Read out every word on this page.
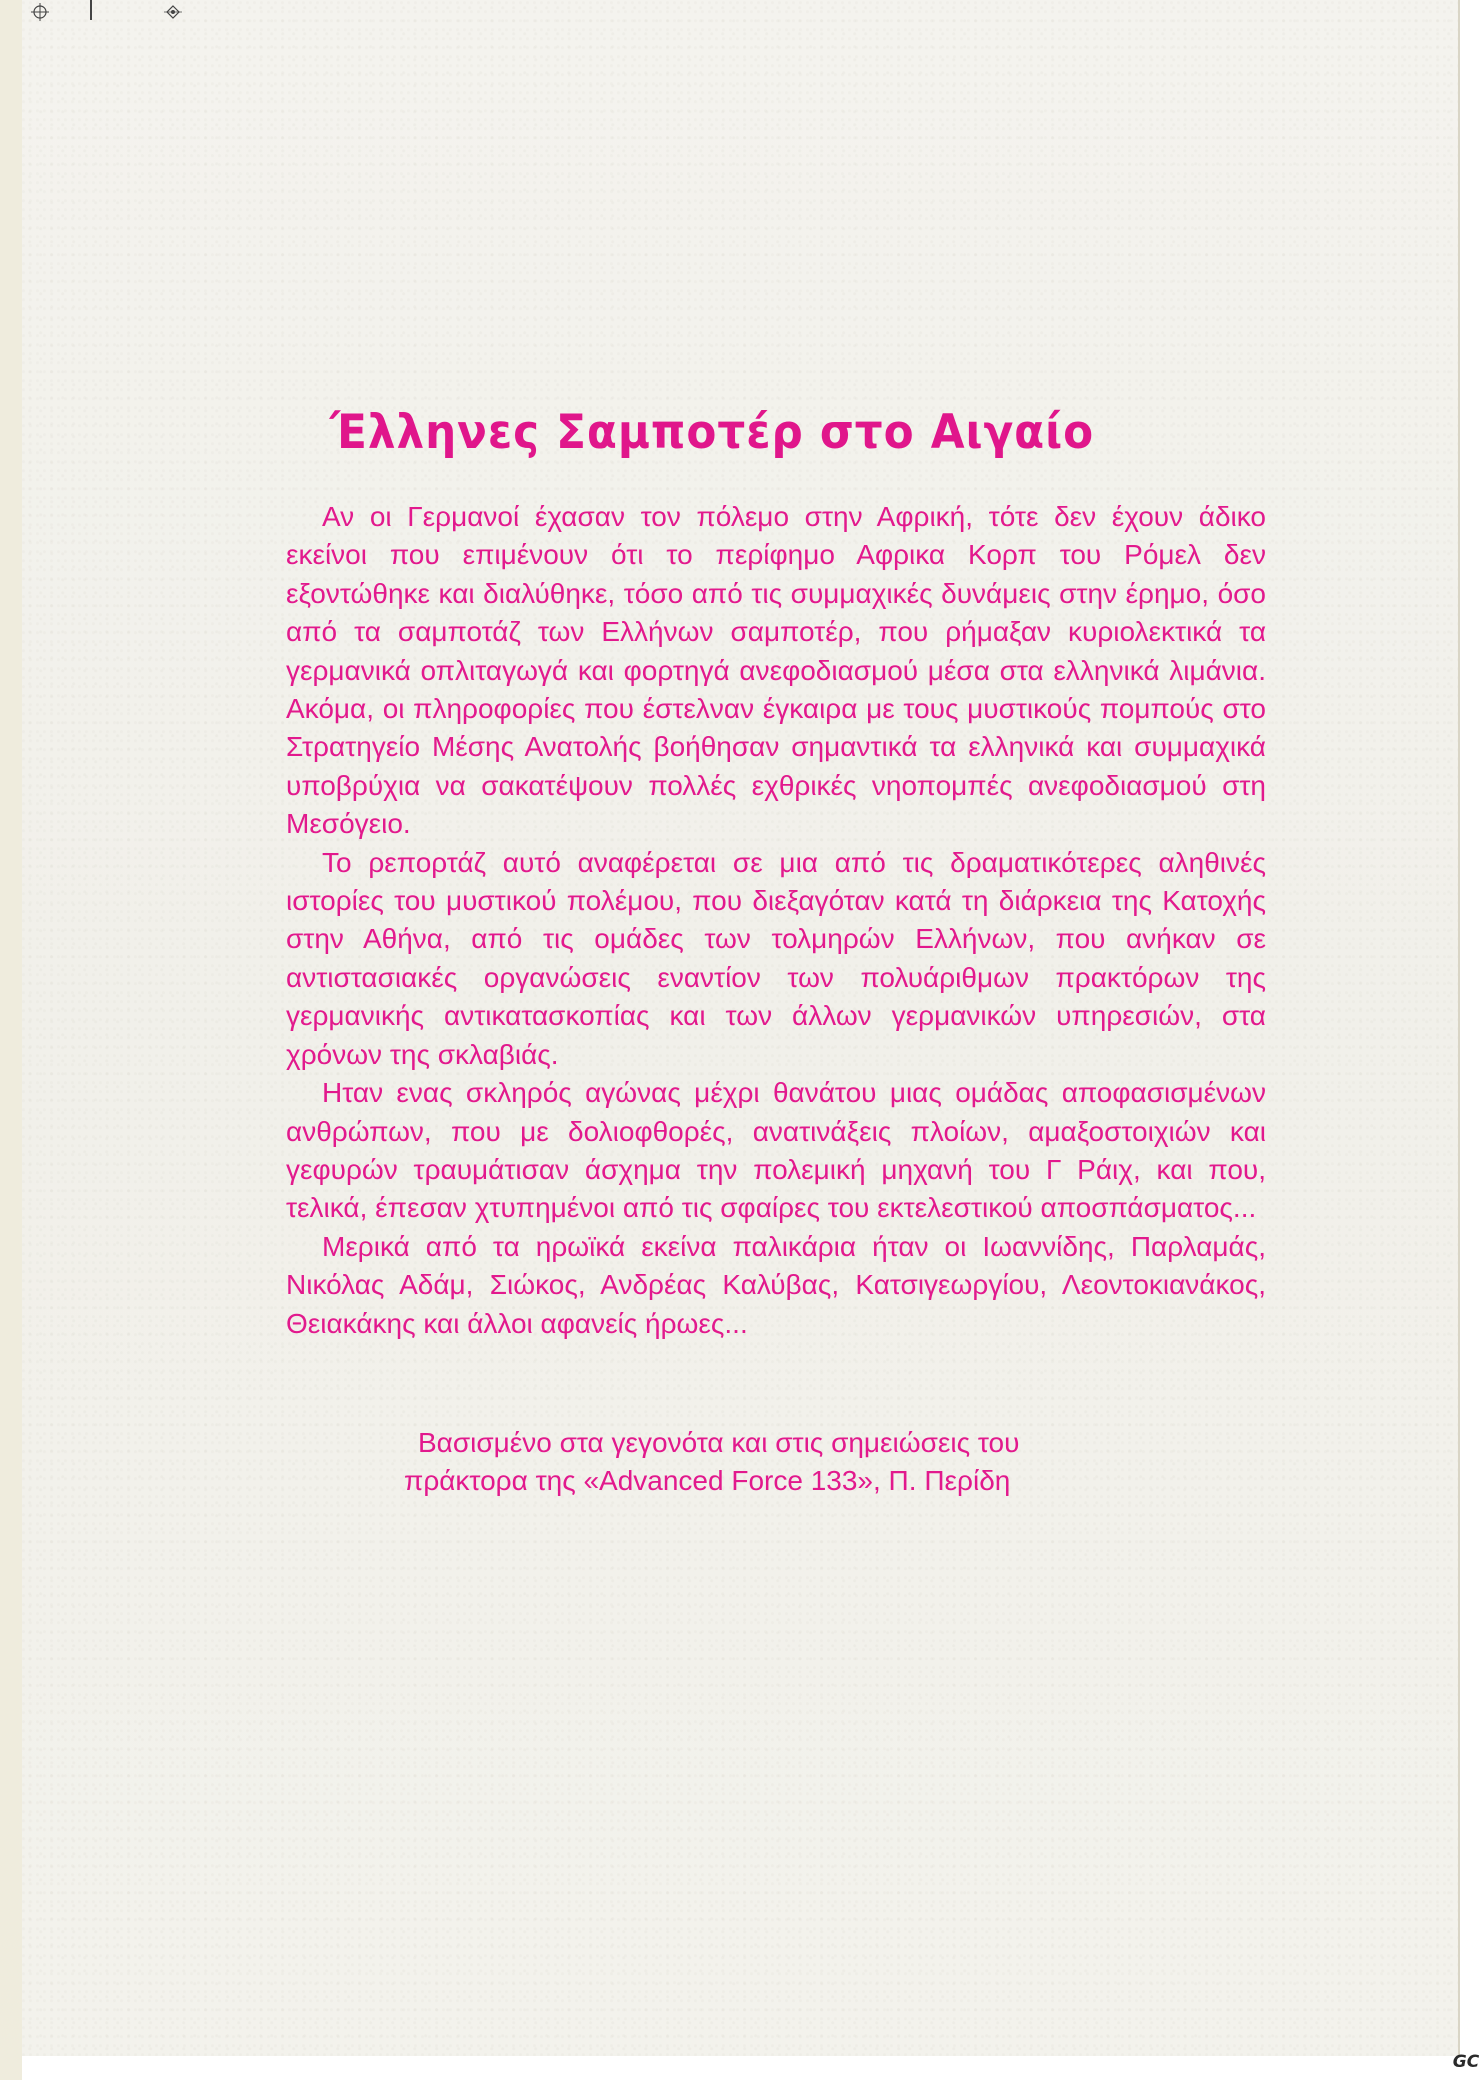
Έλληνες Σαμποτέρ στο Αιγαίο

Αν οι Γερμανοί έχασαν τον πόλεμο στην Αφρική, τότε δεν έχουν άδικο εκείνοι που επιμένουν ότι το περίφημο Αφρικα Κορπ του Ρόμελ δεν εξοντώθηκε και διαλύθηκε, τόσο από τις συμμαχικές δυνάμεις στην έρημο, όσο από τα σαμποτάζ των Ελλήνων σαμποτέρ, που ρήμαξαν κυριολεκτικά τα γερμανικά οπλιταγωγά και φορτηγά ανεφοδιασμού μέσα στα ελληνικά λιμάνια. Ακόμα, οι πληροφορίες που έστελναν έγκαιρα με τους μυστικούς πομπούς στο Στρατηγείο Μέσης Ανατολής βοήθησαν σημαντικά τα ελληνικά και συμμαχικά υποβρύχια να σακατέψουν πολλές εχθρικές νηοπομπές ανεφοδιασμού στη Μεσόγειο.

Το ρεπορτάζ αυτό αναφέρεται σε μια από τις δραματικότερες αληθινές ιστορίες του μυστικού πολέμου, που διεξαγόταν κατά τη διάρκεια της Κατοχής στην Αθήνα, από τις ομάδες των τολμηρών Ελλήνων, που ανήκαν σε αντιστασιακές οργανώσεις εναντίον των πολυάριθμων πρακτόρων της γερμανικής αντικατασκοπίας και των άλλων γερμανικών υπηρεσιών, στα χρόνων της σκλαβιάς.

Ηταν ενας σκληρός αγώνας μέχρι θανάτου μιας ομάδας αποφασισμένων ανθρώπων, που με δολιοφθορές, ανατινάξεις πλοίων, αμαξοστοιχιών και γεφυρών τραυμάτισαν άσχημα την πολεμική μηχανή του Γ Ράιχ, και που, τελικά, έπεσαν χτυπημένοι από τις σφαίρες του εκτελεστικού αποσπάσματος...

Μερικά από τα ηρωϊκά εκείνα παλικάρια ήταν οι Ιωαννίδης, Παρλαμάς, Νικόλας Αδάμ, Σιώκος, Ανδρέας Καλύβας, Κατσιγεωργίου, Λεοντοκιανάκος, Θειακάκης και άλλοι αφανείς ήρωες...

Βασισμένο στα γεγονότα και στις σημειώσεις του
πράκτορα της «Advanced Force 133», Π. Περίδη
GC
